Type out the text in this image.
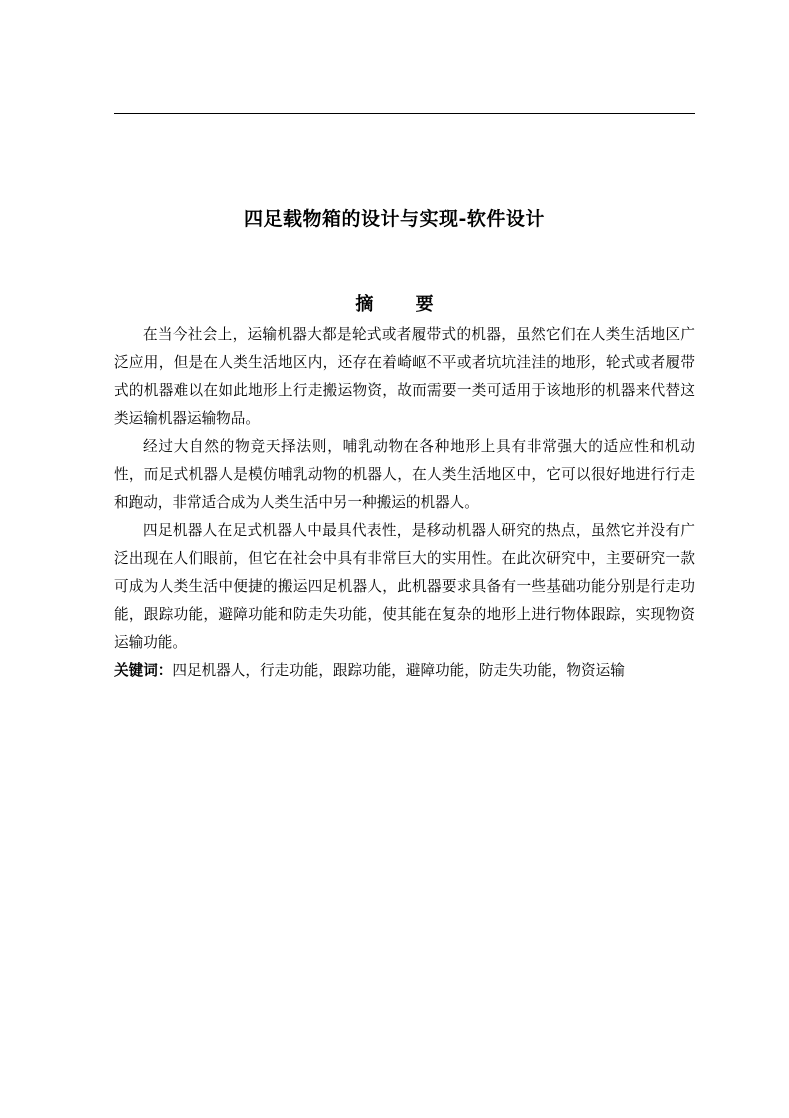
四足载物箱的设计与实现-软件设计
摘 要

在当今社会上，运输机器大都是轮式或者履带式的机器，虽然它们在人类生活地区广泛应用，但是在人类生活地区内，还存在着崎岖不平或者坑坑洼洼的地形，轮式或者履带式的机器难以在如此地形上行走搬运物资，故而需要一类可适用于该地形的机器来代替这类运输机器运输物品。

经过大自然的物竞天择法则，哺乳动物在各种地形上具有非常强大的适应性和机动性，而足式机器人是模仿哺乳动物的机器人，在人类生活地区中，它可以很好地进行行走和跑动，非常适合成为人类生活中另一种搬运的机器人。

四足机器人在足式机器人中最具代表性，是移动机器人研究的热点，虽然它并没有广泛出现在人们眼前，但它在社会中具有非常巨大的实用性。在此次研究中，主要研究一款可成为人类生活中便捷的搬运四足机器人，此机器要求具备有一些基础功能分别是行走功能，跟踪功能，避障功能和防走失功能，使其能在复杂的地形上进行物体跟踪，实现物资运输功能。

关键词：四足机器人，行走功能，跟踪功能，避障功能，防走失功能，物资运输
